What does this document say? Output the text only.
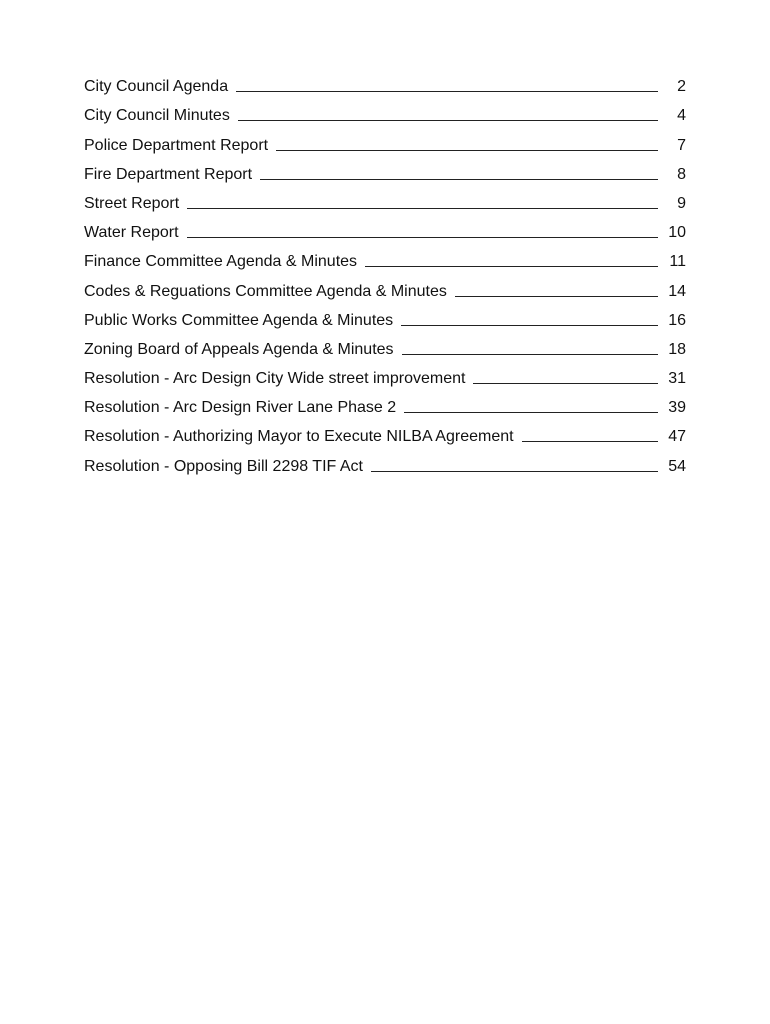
City Council Agenda	2
City Council Minutes	4
Police Department Report	7
Fire Department Report	8
Street Report	9
Water Report	10
Finance Committee Agenda & Minutes	11
Codes & Reguations Committee Agenda & Minutes	14
Public Works Committee Agenda & Minutes	16
Zoning Board of Appeals Agenda & Minutes	18
Resolution - Arc Design City Wide street improvement	31
Resolution - Arc Design River Lane Phase 2	39
Resolution - Authorizing Mayor to Execute NILBA Agreement	47
Resolution - Opposing Bill 2298 TIF Act	54
